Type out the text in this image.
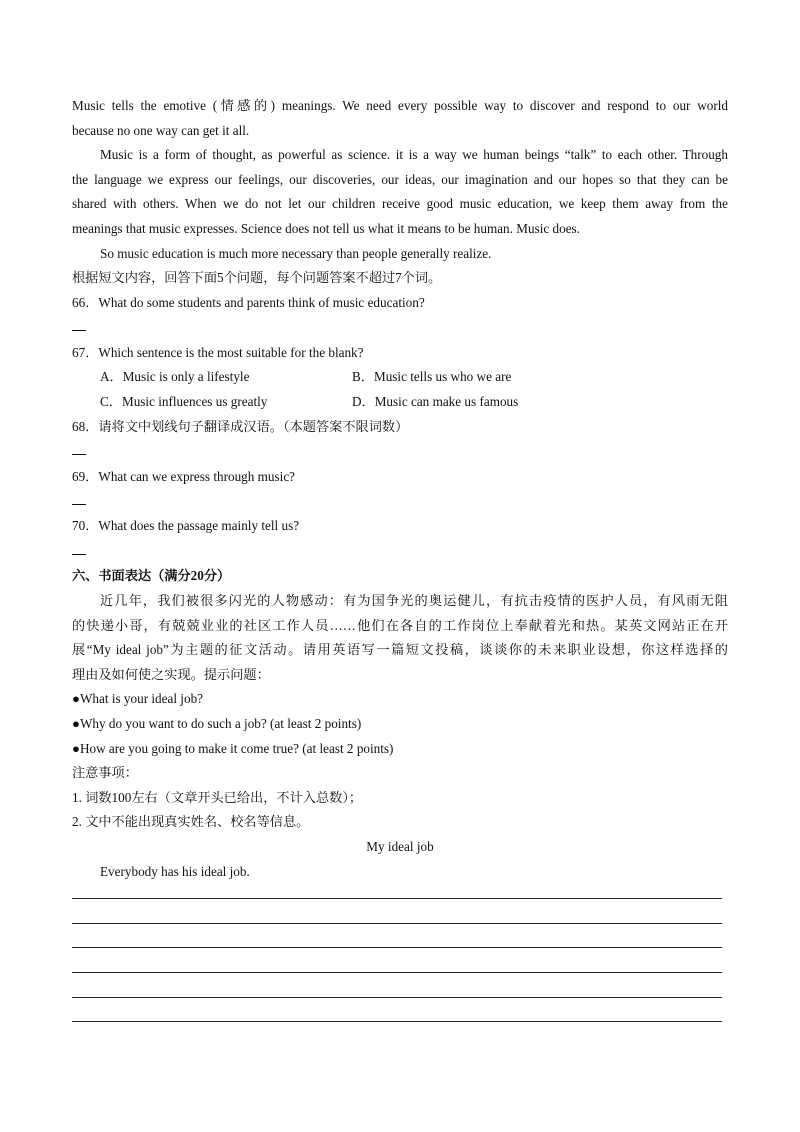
Music tells the emotive (情感的) meanings. We need every possible way to discover and respond to our world
because no one way can get it all.
Music is a form of thought, as powerful as science. it is a way we human beings “talk” to each other. Through
the language we express our feelings, our discoveries, our ideas, our imagination and our hopes so that they can be
shared with others. When we do not let our children receive good music education, we keep them away from the
meanings that music expresses. Science does not tell us what it means to be human. Music does.
So music education is much more necessary than people generally realize.
根据短文内容，回答下面5个问题，每个问题答案不超过7个词。
66．What do some students and parents think of music education?
67．Which sentence is the most suitable for the blank?
A．Music is only a lifestyle	B．Music tells us who we are
C．Music influences us greatly	D．Music can make us famous
68．请将文中划线句子翻译成汉语。（本题答案不限词数）
69．What can we express through music?
70．What does the passage mainly tell us?
六、书面表达（满分20分）
近几年，我们被很多闪光的人物感动：有为国争光的奥运健儿，有抗击疫情的医护人员，有风雨无阻
的快递小哥，有兢兢业业的社区工作人员……他们在各自的工作岗位上奉献着光和热。某英文网站正在开
展“My ideal job”为主题的征文活动。请用英语写一篇短文投稿，谈谈你的未来职业设想，你这样选择的
理由及如何使之实现。提示问题：
●What is your ideal job?
●Why do you want to do such a job? (at least 2 points)
●How are you going to make it come true? (at least 2 points)
注意事项：
1. 词数100左右（文章开头已给出，不计入总数）；
2. 文中不能出现真实姓名、校名等信息。
My ideal job
Everybody has his ideal job.
